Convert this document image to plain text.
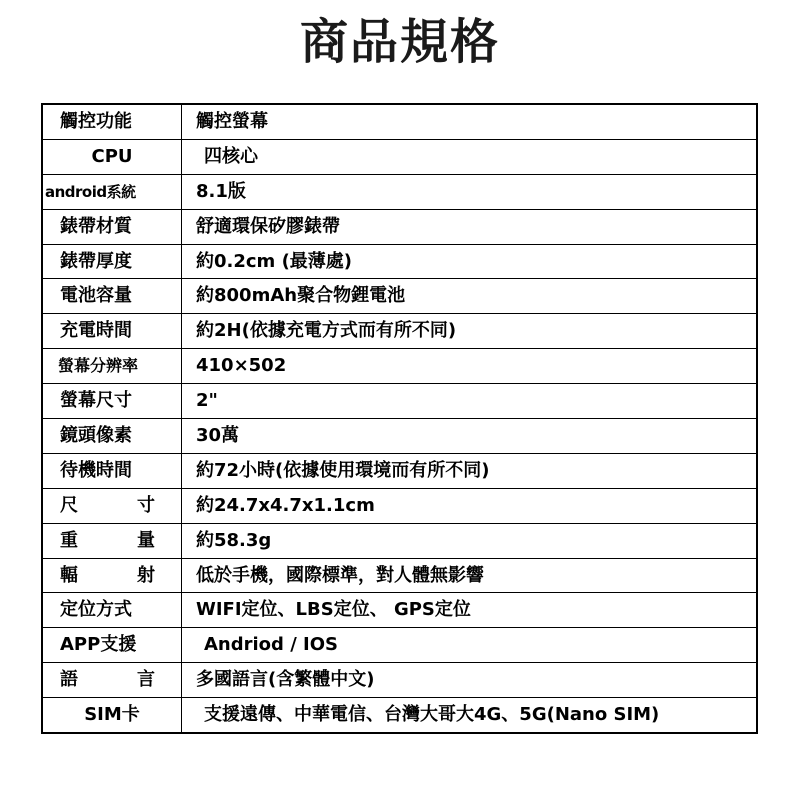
商品規格
觸控功能	觸控螢幕
CPU	四核心
android系統	8.1版
錶帶材質	舒適環保矽膠錶帶
錶帶厚度	約0.2cm (最薄處)
電池容量	約800mAh聚合物鋰電池
充電時間	約2H(依據充電方式而有所不同)
螢幕分辨率	410×502
螢幕尺寸	2"
鏡頭像素	30萬
待機時間	約72小時(依據使用環境而有所不同)
尺寸	約24.7x4.7x1.1cm
重量	約58.3g
輻射	低於手機，國際標準，對人體無影響
定位方式	WIFI定位、LBS定位、 GPS定位
APP支援	Andriod / IOS
語言	多國語言(含繁體中文)
SIM卡	支援遠傳、中華電信、台灣大哥大4G、5G(Nano SIM)
